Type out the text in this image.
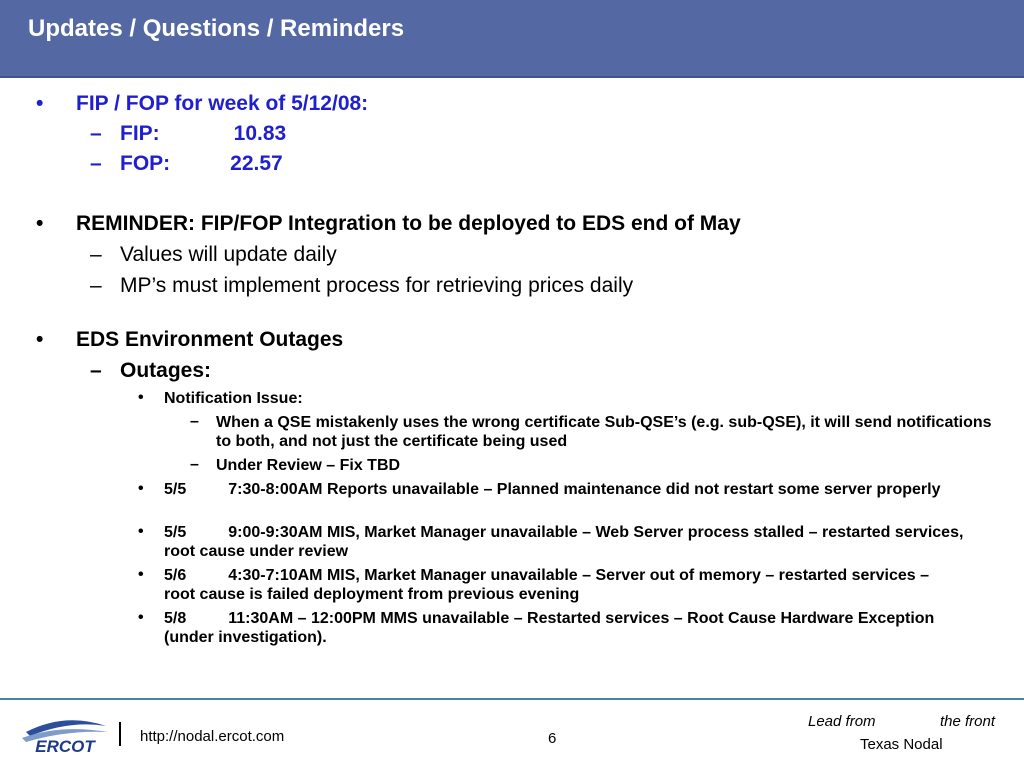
Updates / Questions / Reminders
•	FIP / FOP for week of 5/12/08:
– FIP:	10.83
– FOP:	22.57
•	REMINDER: FIP/FOP Integration to be deployed to EDS end of May
– Values will update daily
– MP’s must implement process for retrieving prices daily
•	EDS Environment Outages
– Outages:
• Notification Issue:
– When a QSE mistakenly uses the wrong certificate Sub-QSE’s (e.g. sub-QSE), it will send notifications to both, and not just the certificate being used
– Under Review – Fix TBD
• 5/5	7:30-8:00AM Reports unavailable – Planned maintenance did not restart some server properly
• 5/5	9:00-9:30AM MIS, Market Manager unavailable – Web Server process stalled – restarted services, root cause under review
• 5/6	4:30-7:10AM MIS, Market Manager unavailable – Server out of memory – restarted services – root cause is failed deployment from previous evening
• 5/8	11:30AM – 12:00PM MMS unavailable – Restarted services – Root Cause Hardware Exception (under investigation).
ERCOT
http://nodal.ercot.com	6
Lead from	the front
Texas Nodal
